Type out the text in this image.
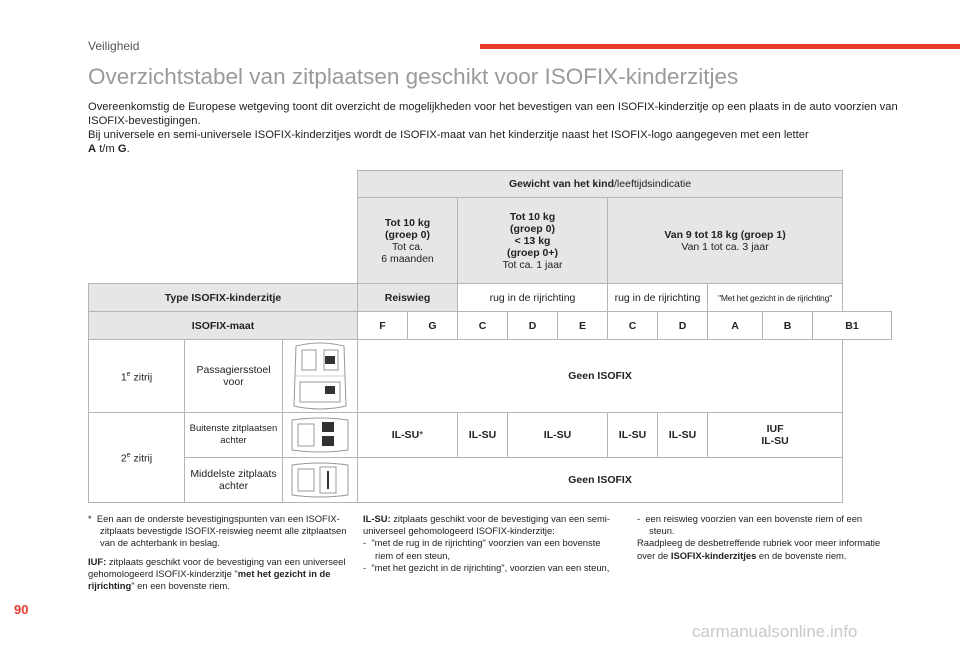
Veiligheid
Overzichtstabel van zitplaatsen geschikt voor ISOFIX-kinderzitjes

Overeenkomstig de Europese wetgeving toont dit overzicht de mogelijkheden voor het bevestigen van een ISOFIX-kinderzitje op een plaats in de auto voorzien van ISOFIX-bevestigingen.

Bij universele en semi-universele ISOFIX-kinderzitjes wordt de ISOFIX-maat van het kinderzitje naast het ISOFIX-logo aangegeven met een letter
A t/m G.

			Gewicht van het kind/leeftijdsindicatie									
			Tot 10 kg
(groep 0)
Tot ca.
6 maanden		Tot 10 kg
(groep 0)
< 13 kg
(groep 0+)
Tot ca. 1 jaar			Van 9 tot 18 kg (groep 1)
Van 1 tot ca. 3 jaar				
Type ISOFIX-kinderzitje			Reiswieg		rug in de rijrichting			rug in de rijrichting		"Met het gezicht in de rijrichting"		
ISOFIX-maat			F	G	C	D	E	C	D	A	B	B1
1e zitrij	Passagiersstoel voor		Geen ISOFIX									
2e zitrij	Buitenste zitplaatsen achter		IL-SU*		IL-SU	IL-SU		IL-SU	IL-SU	IUF
IL-SU		
	Middelste zitplaats achter		Geen ISOFIX									

* Een aan de onderste bevestigingspunten van een ISOFIX-zitplaats bevestigde ISOFIX-reiswieg neemt alle zitplaatsen van de achterbank in beslag.

IUF: zitplaats geschikt voor de bevestiging van een universeel gehomologeerd ISOFIX-kinderzitje "met het gezicht in de rijrichting" en een bovenste riem.

IL-SU: zitplaats geschikt voor de bevestiging van een semi-universeel gehomologeerd ISOFIX-kinderzitje:

-  "met de rug in de rijrichting" voorzien van een bovenste riem of een steun,

-  "met het gezicht in de rijrichting", voorzien van een steun,

-  een reiswieg voorzien van een bovenste riem of een steun.

Raadpleeg de desbetreffende rubriek voor meer informatie over de ISOFIX-kinderzitjes en de bovenste riem.

90
carmanualsonline.info
